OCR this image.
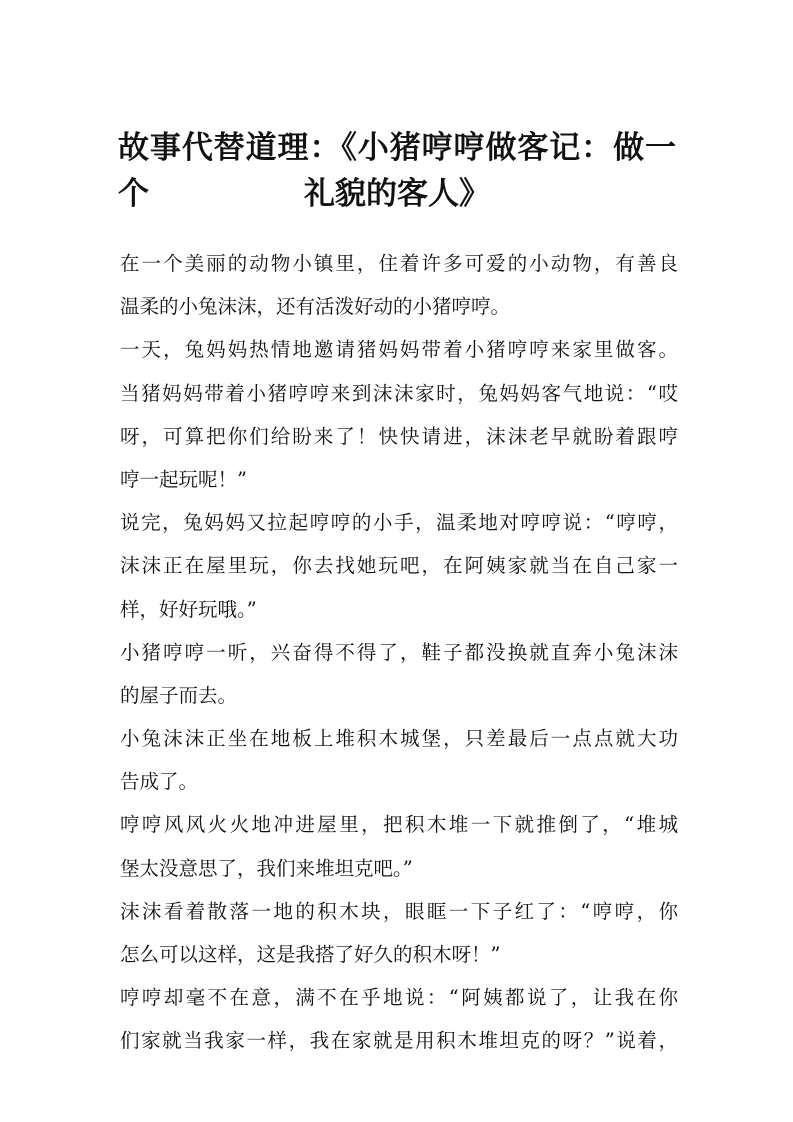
故事代替道理：《小猪哼哼做客记：做一个	礼貌的客人》
在一个美丽的动物小镇里，住着许多可爱的小动物，有善良
温柔的小兔沫沫，还有活泼好动的小猪哼哼。
一天，兔妈妈热情地邀请猪妈妈带着小猪哼哼来家里做客。
当猪妈妈带着小猪哼哼来到沫沫家时，兔妈妈客气地说：“哎
呀，可算把你们给盼来了！快快请进，沫沫老早就盼着跟哼
哼一起玩呢！”
说完，兔妈妈又拉起哼哼的小手，温柔地对哼哼说：“哼哼，
沫沫正在屋里玩，你去找她玩吧，在阿姨家就当在自己家一
样，好好玩哦。”
小猪哼哼一听，兴奋得不得了，鞋子都没换就直奔小兔沫沫
的屋子而去。
小兔沫沫正坐在地板上堆积木城堡，只差最后一点点就大功
告成了。
哼哼风风火火地冲进屋里，把积木堆一下就推倒了，“堆城
堡太没意思了，我们来堆坦克吧。”
沫沫看着散落一地的积木块，眼眶一下子红了：“哼哼，你
怎么可以这样，这是我搭了好久的积木呀！”
哼哼却毫不在意，满不在乎地说：“阿姨都说了，让我在你
们家就当我家一样，我在家就是用积木堆坦克的呀？”说着，
